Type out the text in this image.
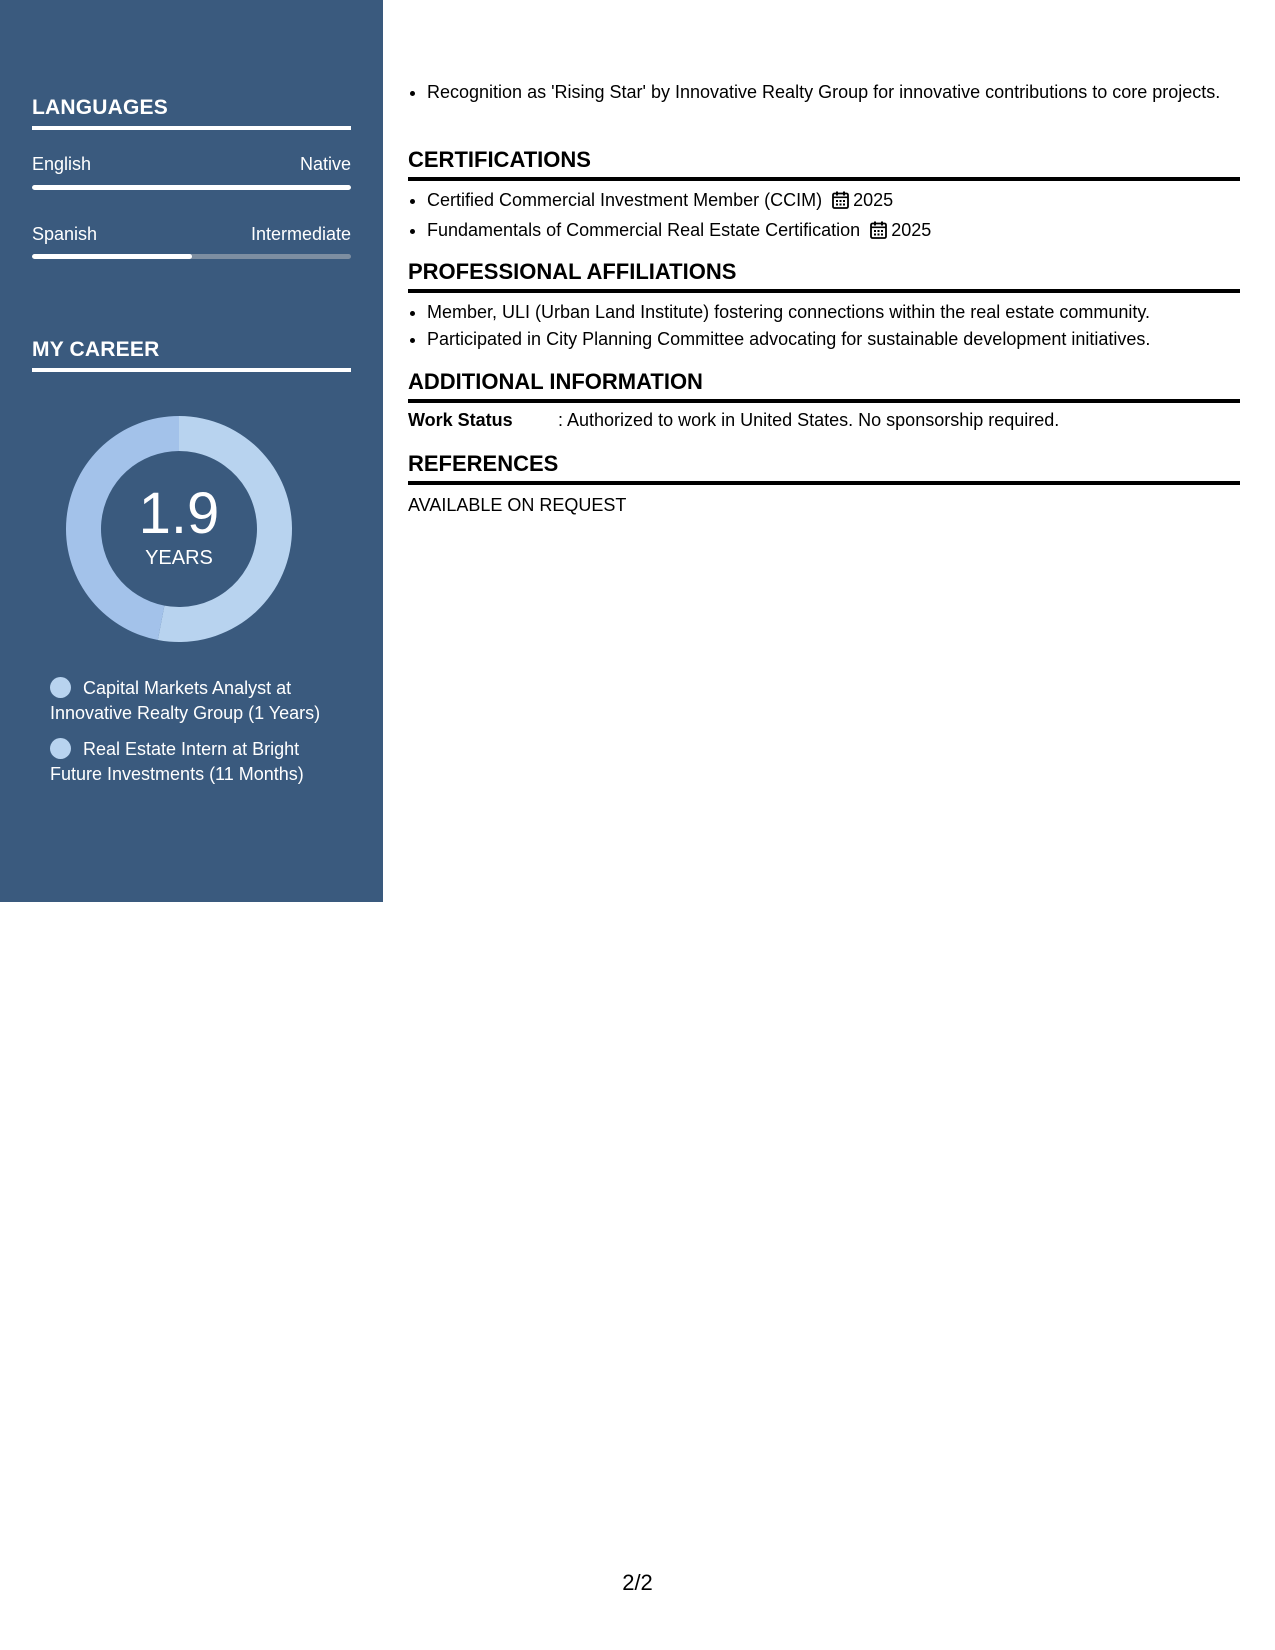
LANGUAGES
English	Native
Spanish	Intermediate
MY CAREER
1.9
YEARS
Capital Markets Analyst at Innovative Realty Group (1 Years)
Real Estate Intern at Bright Future Investments (11 Months)
• Recognition as 'Rising Star' by Innovative Realty Group for innovative contributions to core projects.
CERTIFICATIONS
• Certified Commercial Investment Member (CCIM) 2025
• Fundamentals of Commercial Real Estate Certification 2025
PROFESSIONAL AFFILIATIONS
• Member, ULI (Urban Land Institute) fostering connections within the real estate community.
• Participated in City Planning Committee advocating for sustainable development initiatives.
ADDITIONAL INFORMATION
Work Status	: Authorized to work in United States. No sponsorship required.
REFERENCES
AVAILABLE ON REQUEST
2/2
